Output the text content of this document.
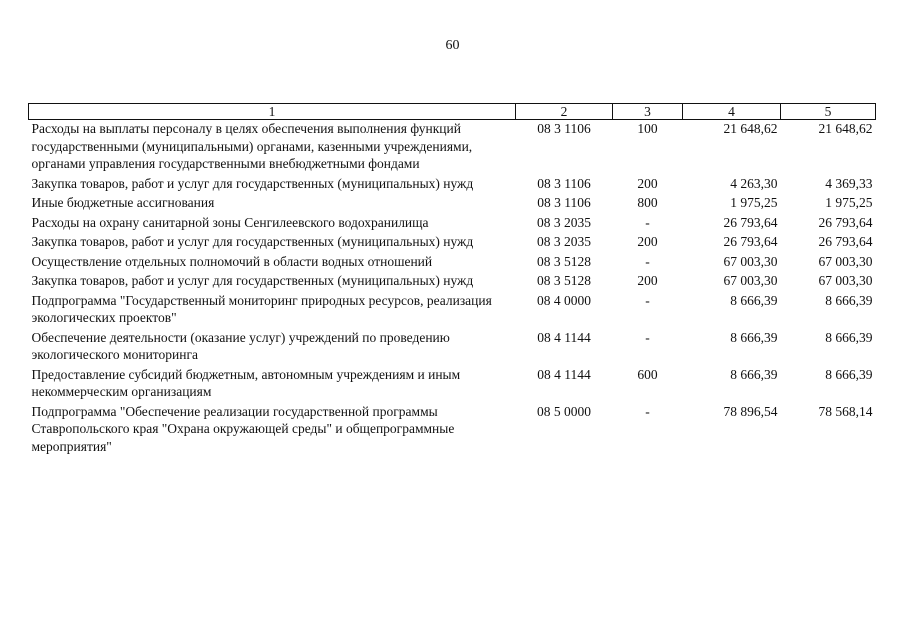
60
1	2	3	4	5
Расходы на выплаты персоналу в целях обеспечения выполнения функций государственными (муниципальными) органами, казенными учреждениями, органами управления государственными внебюджетными фондами	08 3 1106	100	21 648,62	21 648,62
Закупка товаров, работ и услуг для государственных (муниципальных) нужд	08 3 1106	200	4 263,30	4 369,33
Иные бюджетные ассигнования	08 3 1106	800	1 975,25	1 975,25
Расходы на охрану санитарной зоны Сенгилеевского водохранилища	08 3 2035	-	26 793,64	26 793,64
Закупка товаров, работ и услуг для государственных (муниципальных) нужд	08 3 2035	200	26 793,64	26 793,64
Осуществление отдельных полномочий в области водных отношений	08 3 5128	-	67 003,30	67 003,30
Закупка товаров, работ и услуг для государственных (муниципальных) нужд	08 3 5128	200	67 003,30	67 003,30
Подпрограмма "Государственный мониторинг природных ресурсов, реализация экологических проектов"	08 4 0000	-	8 666,39	8 666,39
Обеспечение деятельности (оказание услуг) учреждений по проведению экологического мониторинга	08 4 1144	-	8 666,39	8 666,39
Предоставление субсидий бюджетным, автономным учреждениям и иным некоммерческим организациям	08 4 1144	600	8 666,39	8 666,39
Подпрограмма "Обеспечение реализации государственной программы Ставропольского края "Охрана окружающей среды" и общепрограммные мероприятия"	08 5 0000	-	78 896,54	78 568,14
